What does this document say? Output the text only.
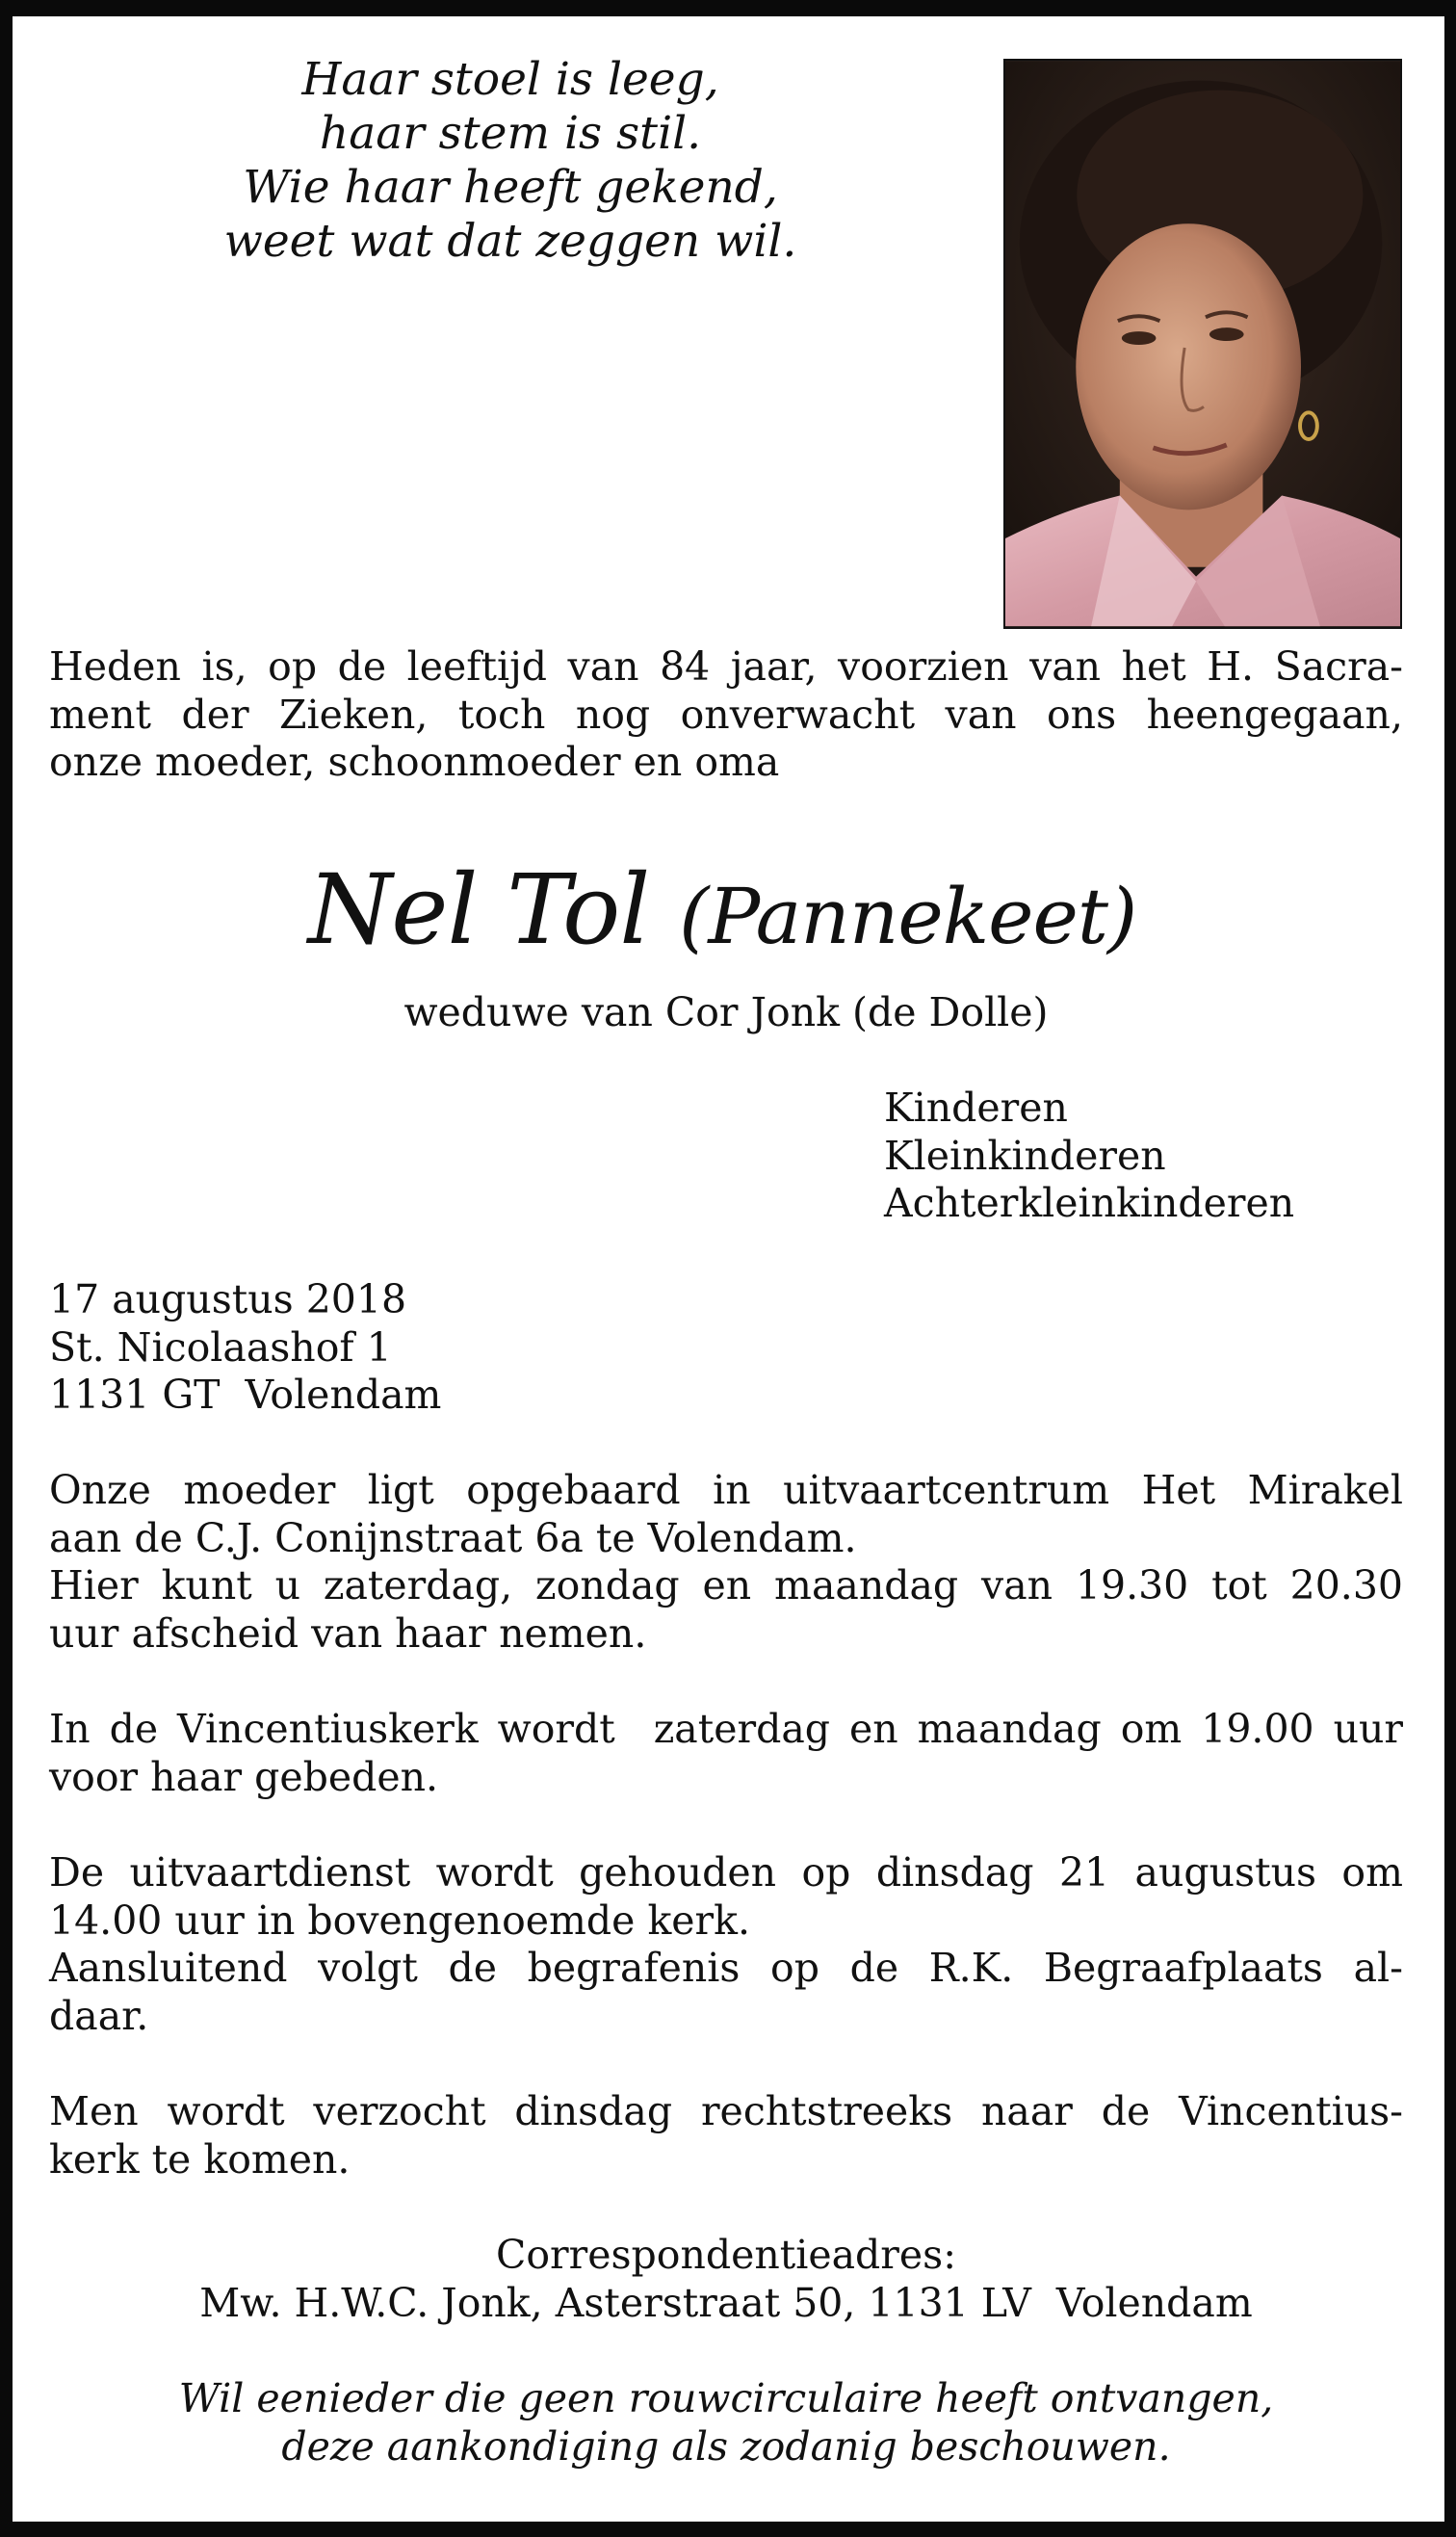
Haar stoel is leeg,
haar stem is stil.
Wie haar heeft gekend,
weet wat dat zeggen wil.
Heden is, op de leeftijd van 84 jaar, voorzien van het H. Sacra-
ment der Zieken, toch nog onverwacht van ons heengegaan,
onze moeder, schoonmoeder en oma
Nel Tol (Pannekeet)
weduwe van Cor Jonk (de Dolle)
Kinderen
Kleinkinderen
Achterkleinkinderen
17 augustus 2018
St. Nicolaashof 1
1131 GT  Volendam
Onze moeder ligt opgebaard in uitvaartcentrum Het Mirakel
aan de C.J. Conijnstraat 6a te Volendam.
Hier kunt u zaterdag, zondag en maandag van 19.30 tot 20.30
uur afscheid van haar nemen.
In de Vincentiuskerk wordt  zaterdag en maandag om 19.00 uur
voor haar gebeden.
De uitvaartdienst wordt gehouden op dinsdag 21 augustus om
14.00 uur in bovengenoemde kerk.
Aansluitend volgt de begrafenis op de R.K. Begraafplaats al-
daar.
Men wordt verzocht dinsdag rechtstreeks naar de Vincentius-
kerk te komen.
Correspondentieadres:
Mw. H.W.C. Jonk, Asterstraat 50, 1131 LV  Volendam
Wil eenieder die geen rouwcirculaire heeft ontvangen,
deze aankondiging als zodanig beschouwen.
